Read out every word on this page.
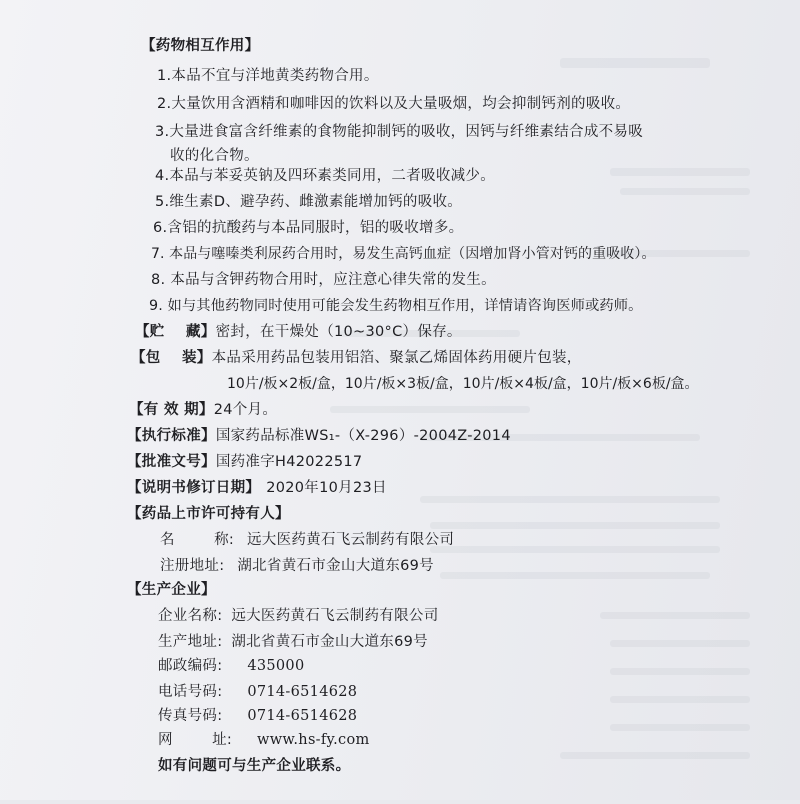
【药物相互作用】
1.本品不宜与洋地黄类药物合用。
2.大量饮用含酒精和咖啡因的饮料以及大量吸烟，均会抑制钙剂的吸收。
3.大量进食富含纤维素的食物能抑制钙的吸收，因钙与纤维素结合成不易吸
收的化合物。
4.本品与苯妥英钠及四环素类同用，二者吸收减少。
5.维生素D、避孕药、雌激素能增加钙的吸收。
6.含铝的抗酸药与本品同服时，铝的吸收增多。
7. 本品与噻嗪类利尿药合用时，易发生高钙血症（因增加肾小管对钙的重吸收）。
8. 本品与含钾药物合用时，应注意心律失常的发生。
9. 如与其他药物同时使用可能会发生药物相互作用，详情请咨询医师或药师。
【贮    藏】密封，在干燥处（10~30°C）保存。
【包    装】本品采用药品包装用铝箔、聚氯乙烯固体药用硬片包装，
10片/板×2板/盒，10片/板×3板/盒，10片/板×4板/盒，10片/板×6板/盒。
【有 效 期】24个月。
【执行标准】国家药品标准WS₁-（X-296）-2004Z-2014
【批准文号】国药准字H42022517
【说明书修订日期】 2020年10月23日
【药品上市许可持有人】
名        称: 远大医药黄石飞云制药有限公司
注册地址: 湖北省黄石市金山大道东69号
【生产企业】
企业名称: 远大医药黄石飞云制药有限公司
生产地址: 湖北省黄石市金山大道东69号
邮政编码: 435000
电话号码: 0714-6514628
传真号码: 0714-6514628
网        址: www.hs-fy.com
如有问题可与生产企业联系。
